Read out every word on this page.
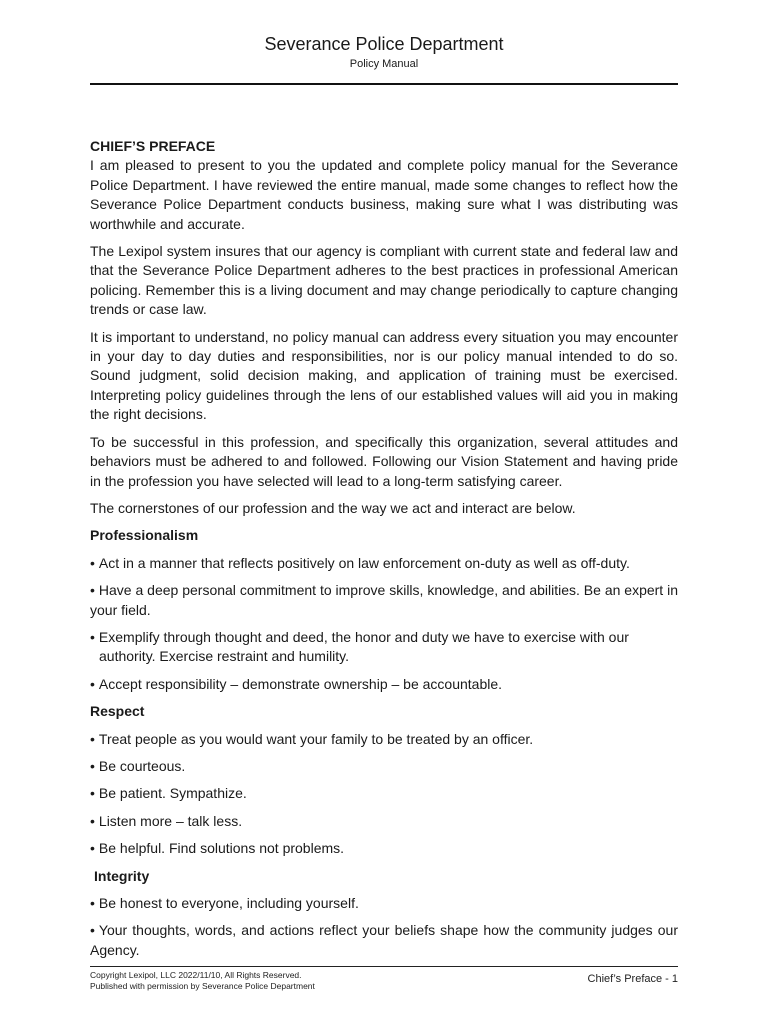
Severance Police Department
Policy Manual

CHIEF’S PREFACE

I am pleased to present to you the updated and complete policy manual for the Severance Police Department. I have reviewed the entire manual, made some changes to reflect how the Severance Police Department conducts business, making sure what I was distributing was worthwhile and accurate.

The Lexipol system insures that our agency is compliant with current state and federal law and that the Severance Police Department adheres to the best practices in professional American policing. Remember this is a living document and may change periodically to capture changing trends or case law.

It is important to understand, no policy manual can address every situation you may encounter in your day to day duties and responsibilities, nor is our policy manual intended to do so. Sound judgment, solid decision making, and application of training must be exercised. Interpreting policy guidelines through the lens of our established values will aid you in making the right decisions.

To be successful in this profession, and specifically this organization, several attitudes and behaviors must be adhered to and followed. Following our Vision Statement and having pride in the profession you have selected will lead to a long-term satisfying career.

The cornerstones of our profession and the way we act and interact are below.

Professionalism

• Act in a manner that reflects positively on law enforcement on-duty as well as off-duty.

• Have a deep personal commitment to improve skills, knowledge, and abilities. Be an expert in your field.

• Exemplify through thought and deed, the honor and duty we have to exercise with our authority. Exercise restraint and humility.

• Accept responsibility – demonstrate ownership – be accountable.

Respect

• Treat people as you would want your family to be treated by an officer.

• Be courteous.

• Be patient. Sympathize.

• Listen more – talk less.

• Be helpful. Find solutions not problems.

Integrity

• Be honest to everyone, including yourself.

• Your thoughts, words, and actions reflect your beliefs shape how the community judges our Agency.

Copyright Lexipol, LLC 2022/11/10, All Rights Reserved.
Published with permission by Severance Police Department
Chief’s Preface - 1
